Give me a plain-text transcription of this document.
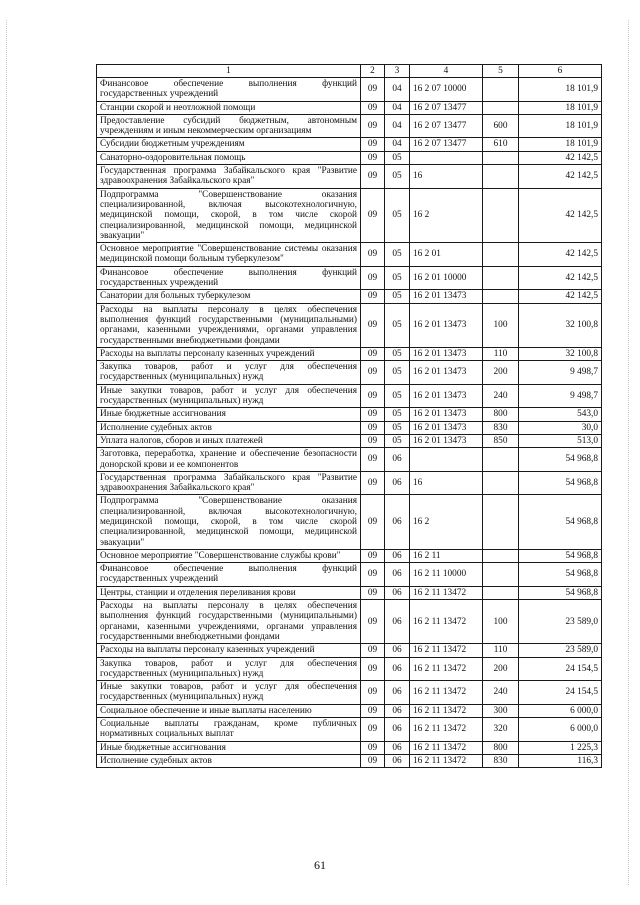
1	2	3	4	5	6
Финансовое обеспечение выполнения функций государственных учреждений	09	04	16 2 07 10000		18 101,9
Станции скорой и неотложной помощи	09	04	16 2 07 13477		18 101,9
Предоставление субсидий бюджетным, автономным учреждениям и иным некоммерческим организациям	09	04	16 2 07 13477	600	18 101,9
Субсидии бюджетным учреждениям	09	04	16 2 07 13477	610	18 101,9
Санаторно-оздоровительная помощь	09	05			42 142,5
Государственная программа Забайкальского края "Развитие здравоохранения Забайкальского края"	09	05	16		42 142,5
Подпрограмма "Совершенствование оказания специализированной, включая высокотехнологичную, медицинской помощи, скорой, в том числе скорой специализированной, медицинской помощи, медицинской эвакуации"	09	05	16 2		42 142,5
Основное мероприятие "Совершенствование системы оказания медицинской помощи больным туберкулезом"	09	05	16 2 01		42 142,5
Финансовое обеспечение выполнения функций государственных учреждений	09	05	16 2 01 10000		42 142,5
Санатории для больных туберкулезом	09	05	16 2 01 13473		42 142,5
Расходы на выплаты персоналу в целях обеспечения выполнения функций государственными (муниципальными) органами, казенными учреждениями, органами управления государственными внебюджетными фондами	09	05	16 2 01 13473	100	32 100,8
Расходы на выплаты персоналу казенных учреждений	09	05	16 2 01 13473	110	32 100,8
Закупка товаров, работ и услуг для обеспечения государственных (муниципальных) нужд	09	05	16 2 01 13473	200	9 498,7
Иные закупки товаров, работ и услуг для обеспечения государственных (муниципальных) нужд	09	05	16 2 01 13473	240	9 498,7
Иные бюджетные ассигнования	09	05	16 2 01 13473	800	543,0
Исполнение судебных актов	09	05	16 2 01 13473	830	30,0
Уплата налогов, сборов и иных платежей	09	05	16 2 01 13473	850	513,0
Заготовка, переработка, хранение и обеспечение безопасности донорской крови и ее компонентов	09	06			54 968,8
Государственная программа Забайкальского края "Развитие здравоохранения Забайкальского края"	09	06	16		54 968,8
Подпрограмма "Совершенствование оказания специализированной, включая высокотехнологичную, медицинской помощи, скорой, в том числе скорой специализированной, медицинской помощи, медицинской эвакуации"	09	06	16 2		54 968,8
Основное мероприятие "Совершенствование службы крови"	09	06	16 2 11		54 968,8
Финансовое обеспечение выполнения функций государственных учреждений	09	06	16 2 11 10000		54 968,8
Центры, станции и отделения переливания крови	09	06	16 2 11 13472		54 968,8
Расходы на выплаты персоналу в целях обеспечения выполнения функций государственными (муниципальными) органами, казенными учреждениями, органами управления государственными внебюджетными фондами	09	06	16 2 11 13472	100	23 589,0
Расходы на выплаты персоналу казенных учреждений	09	06	16 2 11 13472	110	23 589,0
Закупка товаров, работ и услуг для обеспечения государственных (муниципальных) нужд	09	06	16 2 11 13472	200	24 154,5
Иные закупки товаров, работ и услуг для обеспечения государственных (муниципальных) нужд	09	06	16 2 11 13472	240	24 154,5
Социальное обеспечение и иные выплаты населению	09	06	16 2 11 13472	300	6 000,0
Социальные выплаты гражданам, кроме публичных нормативных социальных выплат	09	06	16 2 11 13472	320	6 000,0
Иные бюджетные ассигнования	09	06	16 2 11 13472	800	1 225,3
Исполнение судебных актов	09	06	16 2 11 13472	830	116,3
61
